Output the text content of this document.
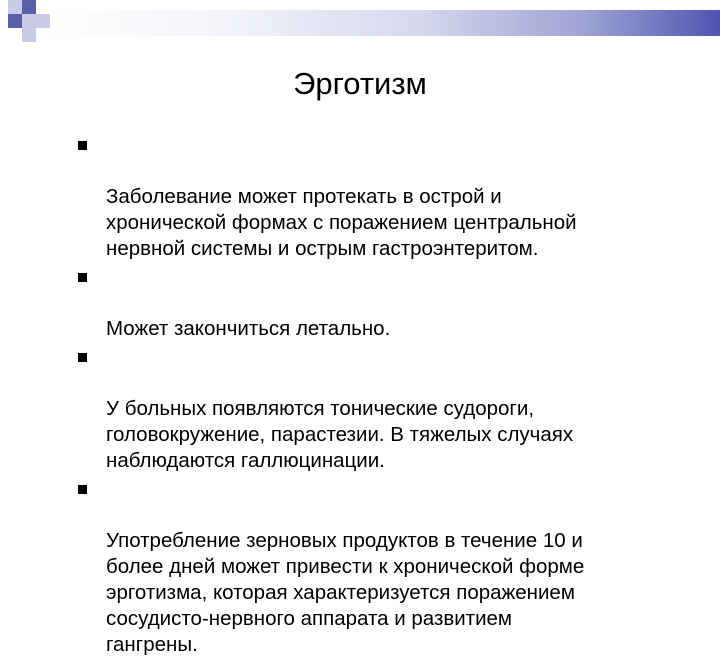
Эрготизм

Заболевание может протекать в острой и
хронической формах с поражением центральной
нервной системы и острым гастроэнтеритом.

Может закончиться летально.

У больных появляются тонические судороги,
головокружение, парастезии. В тяжелых случаях
наблюдаются галлюцинации.

Употребление зерновых продуктов в течение 10 и
более дней может привести к хронической форме
эрготизма, которая характеризуется поражением
сосудисто-нервного аппарата и развитием
гангрены.
